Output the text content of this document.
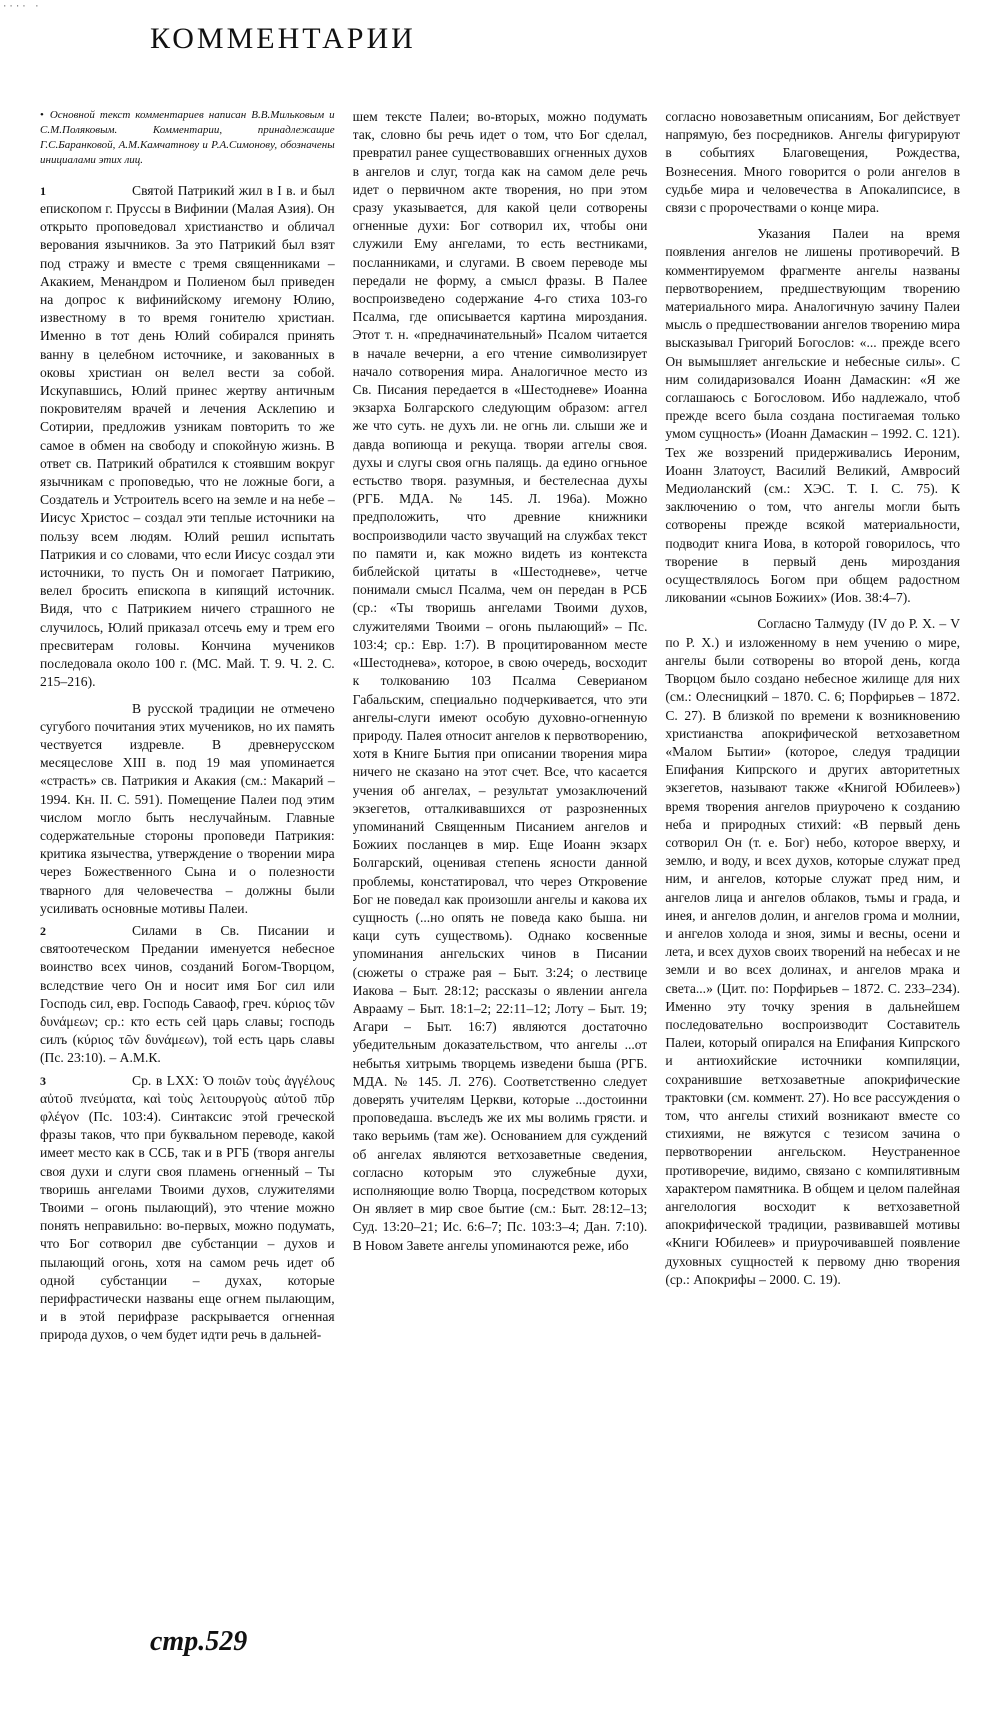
···· ·
КОММЕНТАРИИ

• Основной текст комментариев написан В.В.Мильковым и С.М.Поляковым. Комментарии, принадлежащие Г.С.Баранковой, А.М.Камчатнову и Р.А.Симонову, обозначены инициалами этих лиц.

1	Святой Патрикий жил в I в. и был епископом г. Пруссы в Вифинии (Малая Азия). Он открыто проповедовал христианство и обличал верования язычников. За это Патрикий был взят под стражу и вместе с тремя священниками – Акакием, Менандром и Полиеном был приведен на допрос к вифинийскому игемону Юлию, известному в то время гонителю христиан. Именно в тот день Юлий собирался принять ванну в целебном источнике, и закованных в оковы христиан он велел вести за собой. Искупавшись, Юлий принес жертву античным покровителям врачей и лечения Асклепию и Сотирии, предложив узникам повторить то же самое в обмен на свободу и спокойную жизнь. В ответ св. Патрикий обратился к стоявшим вокруг язычникам с проповедью, что не ложные боги, а Создатель и Устроитель всего на земле и на небе – Иисус Христос – создал эти теплые источники на пользу всем людям. Юлий решил испытать Патрикия и со словами, что если Иисус создал эти источники, то пусть Он и помогает Патрикию, велел бросить епископа в кипящий источник. Видя, что с Патрикием ничего страшного не случилось, Юлий приказал отсечь ему и трем его пресвитерам головы. Кончина мучеников последовала около 100 г. (МС. Май. Т. 9. Ч. 2. С. 215–216).

В русской традиции не отмечено сугубого почитания этих мучеников, но их память чествуется издревле. В древнерусском месяцеслове XIII в. под 19 мая упоминается «страсть» св. Патрикия и Акакия (см.: Макарий – 1994. Кн. II. С. 591). Помещение Палеи под этим числом могло быть неслучайным. Главные содержательные стороны проповеди Патрикия: критика язычества, утверждение о творении мира через Божественного Сына и о полезности тварного для человечества – должны были усиливать основные мотивы Палеи.

2	Силами в Св. Писании и святоотеческом Предании именуется небесное воинство всех чинов, созданий Богом-Творцом, вследствие чего Он и носит имя Бог сил или Господь сил, евр. Господь Саваоф, греч. κύριος τῶν δυνάμεων; ср.: кто есть сей царь славы; господь силъ (κύριος τῶν δυνάμεων), той есть царь славы (Пс. 23:10). – А.М.К.

3	Ср. в LXX: Ὁ ποιῶν τοὺς ἀγγέλους αὐτοῦ πνεύματα, καὶ τοὺς λειτουργοὺς αὐτοῦ πῦρ φλέγον (Пс. 103:4). Синтаксис этой греческой фразы таков, что при буквальном переводе, какой имеет место как в ССБ, так и в РГБ (творя ангелы своя духи и слуги своя пламень огненный – Ты творишь ангелами Твоими духов, служителями Твоими – огонь пылающий), это чтение можно понять неправильно: во-первых, можно подумать, что Бог сотворил две субстанции – духов и пылающий огонь, хотя на самом речь идет об одной субстанции – духах, которые перифрастически названы еще огнем пылающим, и в этой перифразе раскрывается огненная природа духов, о чем будет идти речь в дальней-

шем тексте Палеи; во-вторых, можно подумать так, словно бы речь идет о том, что Бог сделал, превратил ранее существовавших огненных духов в ангелов и слуг, тогда как на самом деле речь идет о первичном акте творения, но при этом сразу указывается, для какой цели сотворены огненные духи: Бог сотворил их, чтобы они служили Ему ангелами, то есть вестниками, посланниками, и слугами. В своем переводе мы передали не форму, а смысл фразы. В Палее воспроизведено содержание 4-го стиха 103-го Псалма, где описывается картина мироздания. Этот т. н. «предначинательный» Псалом читается в начале вечерни, а его чтение символизирует начало сотворения мира. Аналогичное место из Св. Писания передается в «Шестодневе» Иоанна экзарха Болгарского следующим образом: аггел же что суть. не духъ ли. не огнь ли. слыши же и давда вопиюща и рекуща. творяи аггелы своя. духы и слугы своя огнь палящь. да едино огньное естьство творя. разумныя, и бестелеснаа духы (РГБ. МДА. № 145. Л. 196а). Можно предположить, что древние книжники воспроизводили часто звучащий на службах текст по памяти и, как можно видеть из контекста библейской цитаты в «Шестодневе», четче понимали смысл Псалма, чем он передан в РСБ (ср.: «Ты творишь ангелами Твоими духов, служителями Твоими – огонь пылающий» – Пс. 103:4; ср.: Евр. 1:7). В процитированном месте «Шестоднева», которое, в свою очередь, восходит к толкованию 103 Псалма Северианом Габальским, специально подчеркивается, что эти ангелы-слуги имеют особую духовно-огненную природу. Палея относит ангелов к первотворению, хотя в Книге Бытия при описании творения мира ничего не сказано на этот счет. Все, что касается учения об ангелах, – результат умозаключений экзегетов, отталкивавшихся от разрозненных упоминаний Священным Писанием ангелов и Божиих посланцев в мир. Еще Иоанн экзарх Болгарский, оценивая степень ясности данной проблемы, констатировал, что через Откровение Бог не поведал как произошли ангелы и какова их сущность (...но опять не поведа како быша. ни каци суть существомь). Однако косвенные упоминания ангельских чинов в Писании (сюжеты о страже рая – Быт. 3:24; о лествице Иакова – Быт. 28:12; рассказы о явлении ангела Аврааму – Быт. 18:1–2; 22:11–12; Лоту – Быт. 19; Агари – Быт. 16:7) являются достаточно убедительным доказательством, что ангелы ...от небытья хитрымь творцемь изведени быша (РГБ. МДА. № 145. Л. 276). Соответственно следует доверять учителям Церкви, которые ...достоинни проповедаша. въследъ же их мы волимь грясти. и тако верьимь (там же). Основанием для суждений об ангелах являются ветхозаветные сведения, согласно которым это служебные духи, исполняющие волю Творца, посредством которых Он являет в мир свое бытие (см.: Быт. 28:12–13; Суд. 13:20–21; Ис. 6:6–7; Пс. 103:3–4; Дан. 7:10). В Новом Завете ангелы упоминаются реже, ибо

согласно новозаветным описаниям, Бог действует напрямую, без посредников. Ангелы фигурируют в событиях Благовещения, Рождества, Вознесения. Много говорится о роли ангелов в судьбе мира и человечества в Апокалипсисе, в связи с пророчествами о конце мира.

Указания Палеи на время появления ангелов не лишены противоречий. В комментируемом фрагменте ангелы названы первотворением, предшествующим творению материального мира. Аналогичную зачину Палеи мысль о предшествовании ангелов творению мира высказывал Григорий Богослов: «... прежде всего Он вымышляет ангельские и небесные силы». С ним солидаризовался Иоанн Дамаскин: «Я же соглашаюсь с Богословом. Ибо надлежало, чтоб прежде всего была создана постигаемая только умом сущность» (Иоанн Дамаскин – 1992. С. 121). Тех же воззрений придерживались Иероним, Иоанн Златоуст, Василий Великий, Амвросий Медиоланский (см.: ХЭС. Т. I. С. 75). К заключению о том, что ангелы могли быть сотворены прежде всякой материальности, подводит книга Иова, в которой говорилось, что творение в первый день мироздания осуществлялось Богом при общем радостном ликовании «сынов Божиих» (Иов. 38:4–7).

Согласно Талмуду (IV до Р. Х. – V по Р. Х.) и изложенному в нем учению о мире, ангелы были сотворены во второй день, когда Творцом было создано небесное жилище для них (см.: Олесницкий – 1870. С. 6; Порфирьев – 1872. С. 27). В близкой по времени к возникновению христианства апокрифической ветхозаветном «Малом Бытии» (которое, следуя традиции Епифания Кипрского и других авторитетных экзегетов, называют также «Книгой Юбилеев») время творения ангелов приурочено к созданию неба и природных стихий: «В первый день сотворил Он (т. е. Бог) небо, которое вверху, и землю, и воду, и всех духов, которые служат пред ним, и ангелов, которые служат пред ним, и ангелов лица и ангелов облаков, тьмы и града, и инея, и ангелов долин, и ангелов грома и молнии, и ангелов холода и зноя, зимы и весны, осени и лета, и всех духов своих творений на небесах и не земли и во всех долинах, и ангелов мрака и света...» (Цит. по: Порфирьев – 1872. С. 233–234). Именно эту точку зрения в дальнейшем последовательно воспроизводит Составитель Палеи, который опирался на Епифания Кипрского и антиохийские источники компиляции, сохранившие ветхозаветные апокрифические трактовки (см. коммент. 27). Но все рассуждения о том, что ангелы стихий возникают вместе со стихиями, не вяжутся с тезисом зачина о первотворении ангельском. Неустраненное противоречие, видимо, связано с компилятивным характером памятника. В общем и целом палейная ангелология восходит к ветхозаветной апокрифической традиции, развивавшей мотивы «Книги Юбилеев» и приурочивавшей появление духовных сущностей к первому дню творения (ср.: Апокрифы – 2000. С. 19).

стр.529
